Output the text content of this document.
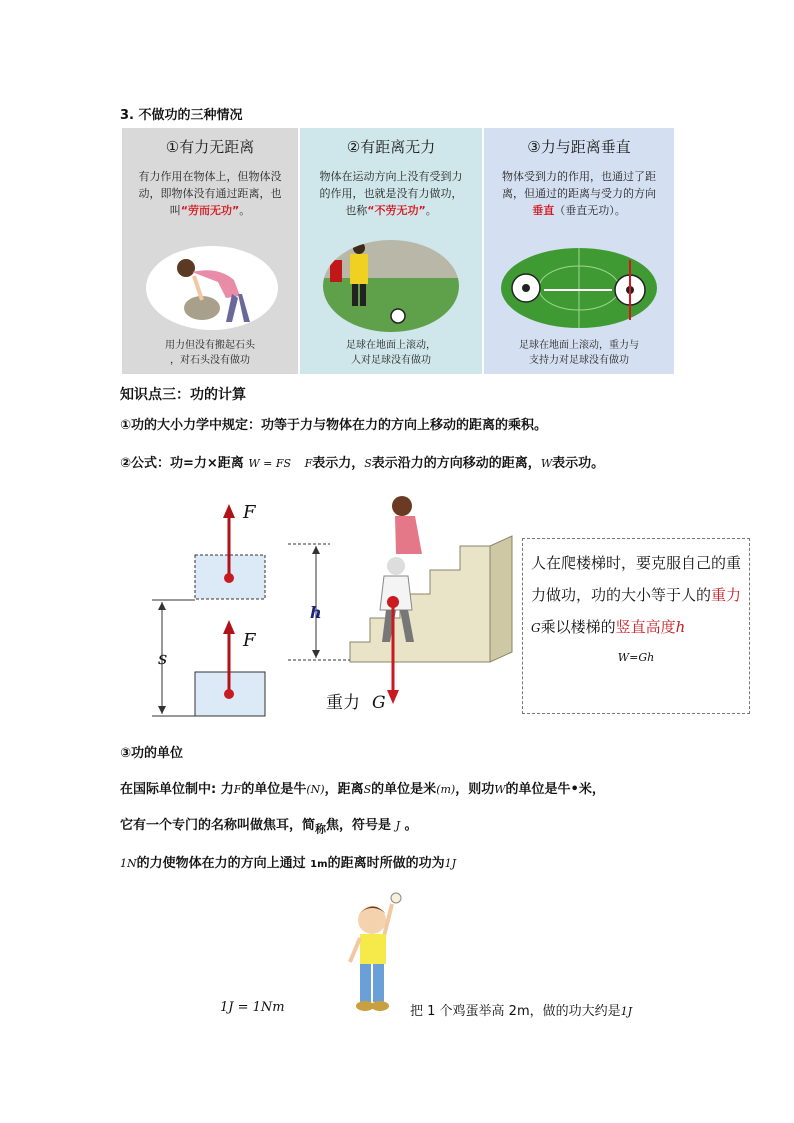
3. 不做功的三种情况
①有力无距离
有力作用在物体上，但物体没动，即物体没有通过距离，也叫“劳而无功”。
用力但没有搬起石头
，对石头没有做功
②有距离无力
物体在运动方向上没有受到力的作用，也就是没有力做功，也称“不劳无功”。
足球在地面上滚动，
人对足球没有做功
③力与距离垂直
物体受到力的作用，也通过了距离，但通过的距离与受力的方向垂直（垂直无功）。
足球在地面上滚动，重力与
支持力对足球没有做功
知识点三：功的计算
①功的大小力学中规定：功等于力与物体在力的方向上移动的距离的乘积。
②公式：功=力×距离 W = FS F表示力，S表示沿力的方向移动的距离，W表示功。
F
F
s
h
重力 G
人在爬楼梯时，要克服自己的重力做功，功的大小等于人的重力G乘以楼梯的竖直高度h
W=Gh
③功的单位
在国际单位制中: 力F的单位是牛(N)，距离S的单位是米(m)，则功W的单位是牛•米，
它有一个专门的名称叫做焦耳，简$_称$焦，符号是 J 。
1N的力使物体在力的方向上通过 1m的距离时所做的功为1J
1J = 1Nm	把 1 个鸡蛋举高 2m，做的功大约是1J
